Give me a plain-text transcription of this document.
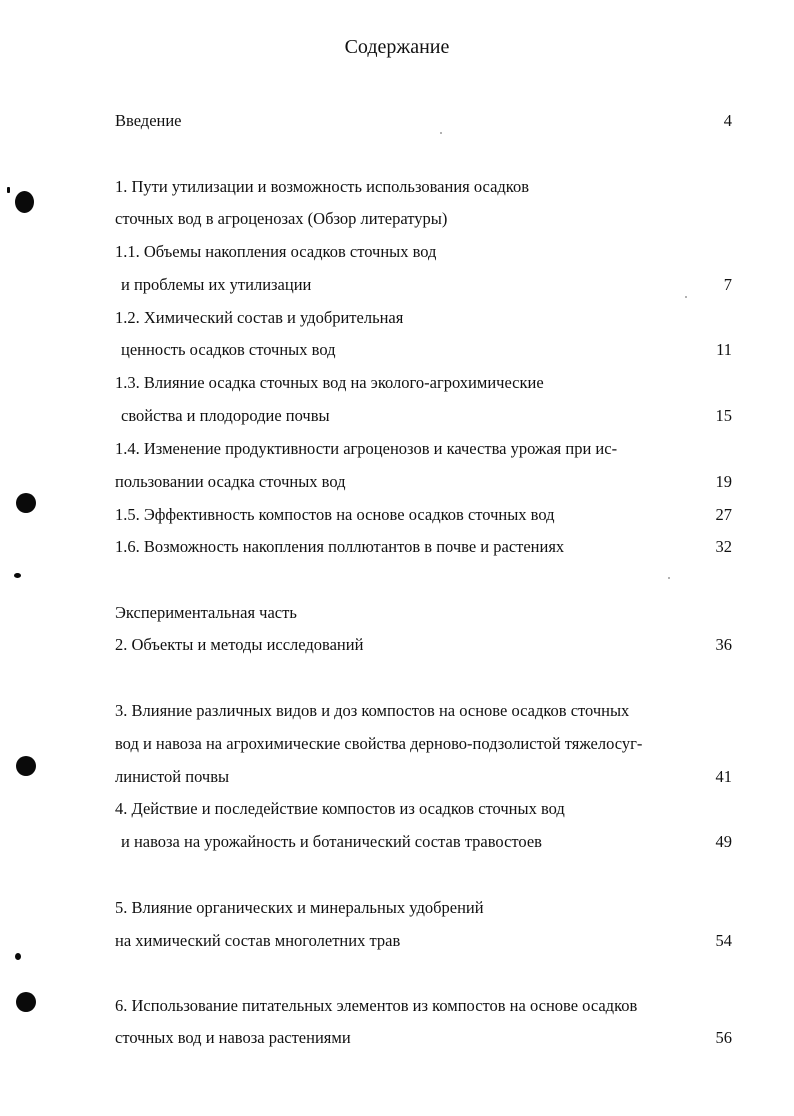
Содержание
Введение	4
1. Пути утилизации и возможность использования осадков
сточных вод в агроценозах (Обзор литературы)
1.1. Объемы накопления осадков сточных вод
и проблемы их утилизации	7
1.2. Химический состав и удобрительная
ценность осадков сточных вод	11
1.3. Влияние осадка сточных вод на эколого-агрохимические
свойства и плодородие почвы	15
1.4. Изменение продуктивности агроценозов и качества урожая при ис-
пользовании осадка сточных вод	19
1.5. Эффективность компостов на основе осадков сточных вод	27
1.6. Возможность накопления поллютантов в почве и растениях	32
Экспериментальная часть
2. Объекты и методы исследований	36
3. Влияние различных видов и доз компостов на основе осадков сточных
вод и навоза на агрохимические свойства дерново-подзолистой тяжелосуг-
линистой почвы	41
4. Действие и последействие компостов из осадков сточных вод
и навоза на урожайность и ботанический состав травостоев	49
5. Влияние органических и минеральных удобрений
на химический состав многолетних трав	54
6. Использование питательных элементов из компостов на основе осадков
сточных вод и навоза растениями	56
